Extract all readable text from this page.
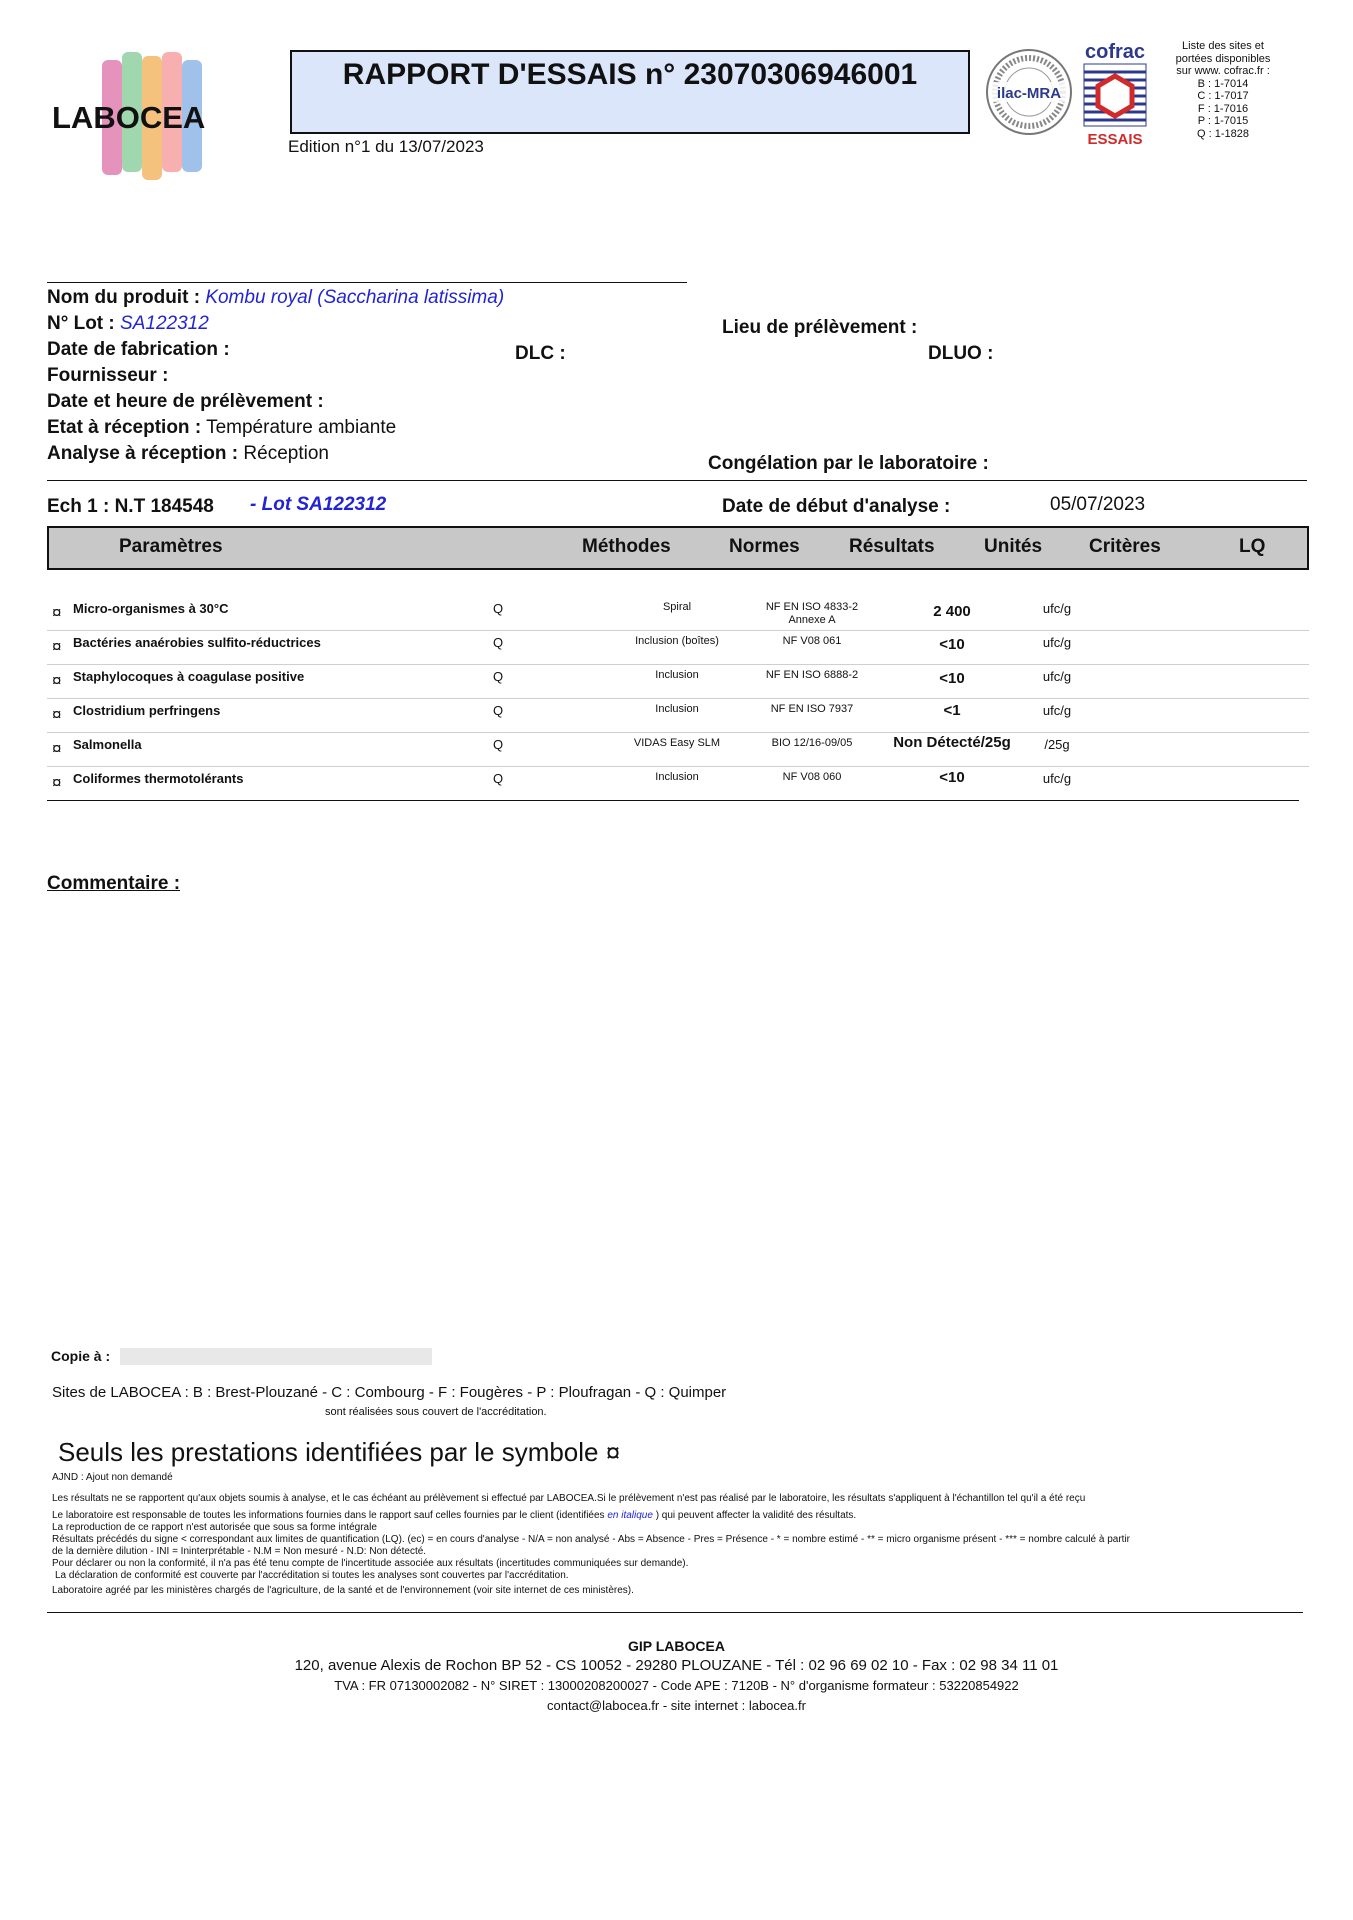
LABOCEA
RAPPORT D'ESSAIS n° 23070306946001
Edition n°1 du 13/07/2023
ilac-MRA
cofrac
ESSAIS
Liste des sites et
portées disponibles
sur www. cofrac.fr :
B : 1-7014
C : 1-7017
F : 1-7016
P : 1-7015
Q : 1-1828
Nom du produit : Kombu royal (Saccharina latissima)
N° Lot : SA122312	Lieu de prélèvement :
Date de fabrication :	DLC :	DLUO :
Fournisseur :
Date et heure de prélèvement :
Etat à réception : Température ambiante
Analyse à réception : Réception	Congélation par le laboratoire :
Ech 1 : N.T 184548 - Lot SA122312	Date de début d'analyse :	05/07/2023
Paramètres	Méthodes	Normes	Résultats	Unités Critères	LQ
¤ Micro-organismes à 30°C	Q	Spiral	NF EN ISO 4833-2
Annexe A	2 400	ufc/g
¤ Bactéries anaérobies sulfito-réductrices	Q	Inclusion (boîtes)	NF V08 061	<10	ufc/g
¤ Staphylocoques à coagulase positive	Q	Inclusion	NF EN ISO 6888-2	<10	ufc/g
¤ Clostridium perfringens	Q	Inclusion	NF EN ISO 7937	<1	ufc/g
¤ Salmonella	Q	VIDAS Easy SLM	BIO 12/16-09/05	Non Détecté/25g	/25g
¤ Coliformes thermotolérants	Q	Inclusion	NF V08 060	<10	ufc/g
Commentaire :
Copie à :
Sites de LABOCEA : B : Brest-Plouzané - C : Combourg - F : Fougères - P : Ploufragan - Q : Quimper
sont réalisées sous couvert de l'accréditation.
Seuls les prestations identifiées par le symbole ¤
AJND : Ajout non demandé
Les résultats ne se rapportent qu'aux objets soumis à analyse, et le cas échéant au prélèvement si effectué par LABOCEA.Si le prélèvement n'est pas réalisé par le laboratoire, les résultats s'appliquent à l'échantillon tel qu'il a été reçu
Le laboratoire est responsable de toutes les informations fournies dans le rapport sauf celles fournies par le client (identifiées en italique ) qui peuvent affecter la validité des résultats.
La reproduction de ce rapport n'est autorisée que sous sa forme intégrale
Résultats précédés du signe < correspondant aux limites de quantification (LQ). (ec) = en cours d'analyse - N/A = non analysé - Abs = Absence - Pres = Présence - * = nombre estimé - ** = micro organisme présent - *** = nombre calculé à partir
de la dernière dilution - INI = Ininterprétable - N.M = Non mesuré - N.D: Non détecté.
Pour déclarer ou non la conformité, il n'a pas été tenu compte de l'incertitude associée aux résultats (incertitudes communiquées sur demande).
La déclaration de conformité est couverte par l'accréditation si toutes les analyses sont couvertes par l'accréditation.
Laboratoire agréé par les ministères chargés de l'agriculture, de la santé et de l'environnement (voir site internet de ces ministères).
GIP LABOCEA
120, avenue Alexis de Rochon BP 52 - CS 10052 - 29280 PLOUZANE - Tél : 02 96 69 02 10 - Fax : 02 98 34 11 01
TVA : FR 07130002082 - N° SIRET : 13000208200027 - Code APE : 7120B - N° d'organisme formateur : 53220854922
contact@labocea.fr - site internet : labocea.fr
